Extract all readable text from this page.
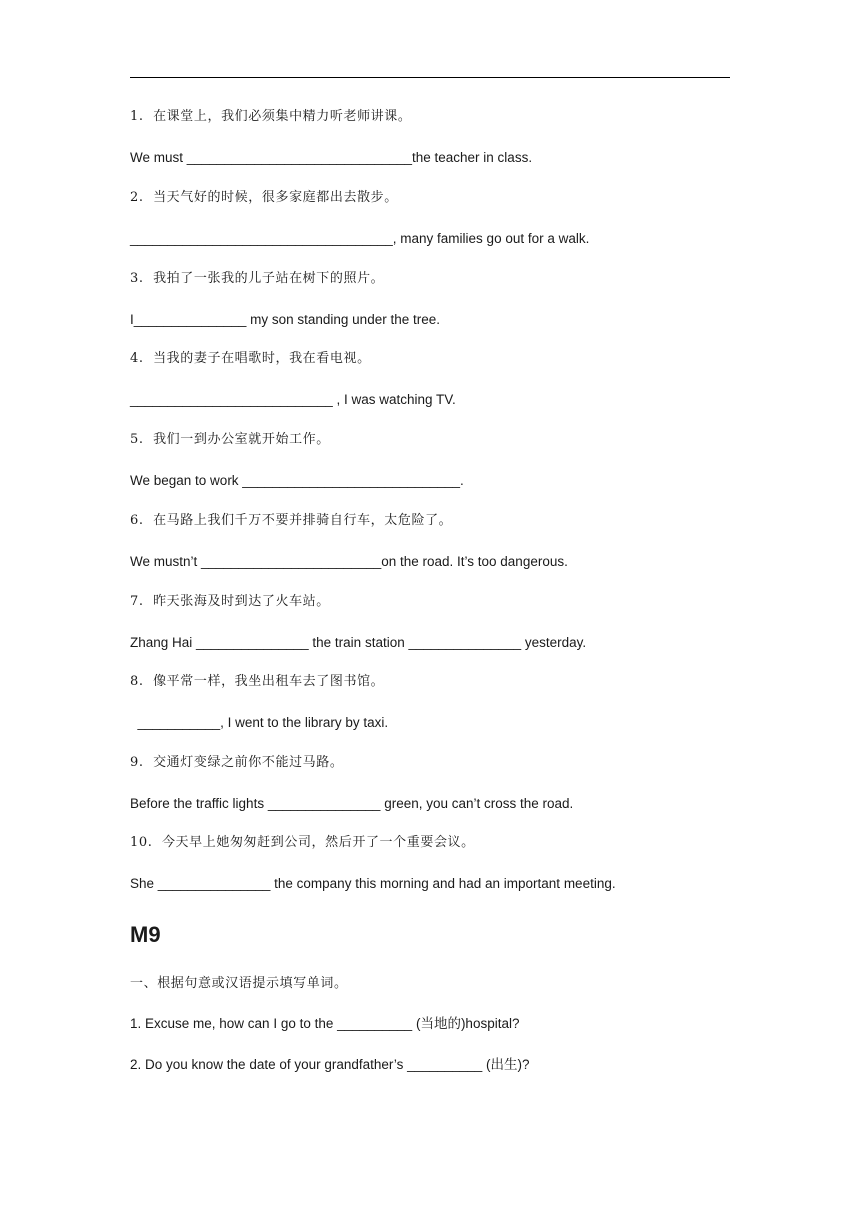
1.  在课堂上，我们必须集中精力听老师讲课。
We must ______________________________the teacher in class.
2.  当天气好的时候，很多家庭都出去散步。
___________________________________, many families go out for a walk.
3.  我拍了一张我的儿子站在树下的照片。
I_______________ my son standing under the tree.
4.  当我的妻子在唱歌时，我在看电视。
___________________________ , I was watching TV.
5.  我们一到办公室就开始工作。
We began to work _____________________________.
6.  在马路上我们千万不要并排骑自行车，太危险了。
We mustn’t ________________________on the road. It’s too dangerous.
7.  昨天张海及时到达了火车站。
Zhang Hai _______________ the train station _______________ yesterday.
8.  像平常一样，我坐出租车去了图书馆。
___________, I went to the library by taxi.
9.  交通灯变绿之前你不能过马路。
Before the traffic lights _______________ green, you can’t cross the road.
10.  今天早上她匆匆赶到公司，然后开了一个重要会议。
She _______________ the company this morning and had an important meeting.
M9
一、根据句意或汉语提示填写单词。
1. Excuse me, how can I go to the __________ (当地的)hospital?
2. Do you know the date of your grandfather’s __________ (出生)?
